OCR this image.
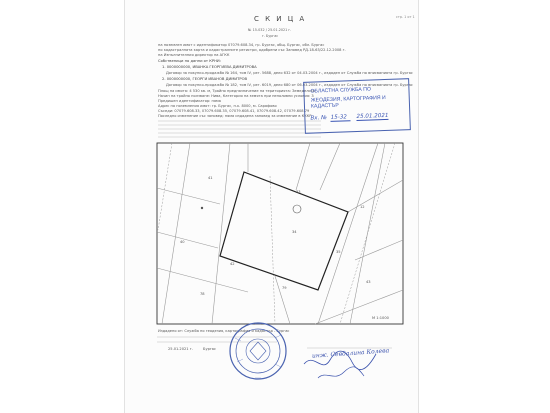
стр. 1 от 1
С К И Ц А
№ 15-032 / 25.01.2021 г.
г. Бургас
на поземлен имот с идентификатор 07079.608.34, гр. Бургас, общ. Бургас, обл. Бургас
по кадастралната карта и кадастралните регистри, одобрени със Заповед РД-18-63/22.12.2008 г.
на Изпълнителния директор на АГКК
Собственици по данни от КРНИ:
1. 0000000000, ИВАНКА ГЕОРГИЕВА ДИМИТРОВА
Договор за покупко-продажба № 164, том IV, рег. 5688, дело 632 от 04.03.2004 г., издаден от Служба по вписванията гр. Бургас
2. 0000000000, ГЕОРГИ ИВАНОВ ДИМИТРОВ
Договор за покупко-продажба № 182, том IV, рег. 6019, дело 680 от 06.03.2004 г., издаден от Служба по вписванията гр. Бургас
Площ на имота: 4 530 кв. м, Трайно предназначение на територията: Земеделска
Начин на трайно ползване: Нива, Категория на земята при неполивни условия: 3
Предишен идентификатор: няма
Адрес на поземления имот: гр. Бургас, п.к. 8000, м. Сарафово
Съседи: 07079.608.33, 07079.608.35, 07079.608.41, 07079.608.42, 07079.608.79
Последно изменение със заповед: няма издадена заповед за изменение в КККР
ОБЛАСТНА СЛУЖБА ПО
ЖЕОДЕЗИЯ, КАРТОГРАФИЯ И КАДАСТЪР
Вх. № 15-32 25.01.2021
33
41
34
42
79
35
12
78
40
43
М 1:1000
Издадено от: Служба по геодезия, картография и кадастър - Бургас
25.01.2021 г.	Бургас	инж. Севдалина Колева
